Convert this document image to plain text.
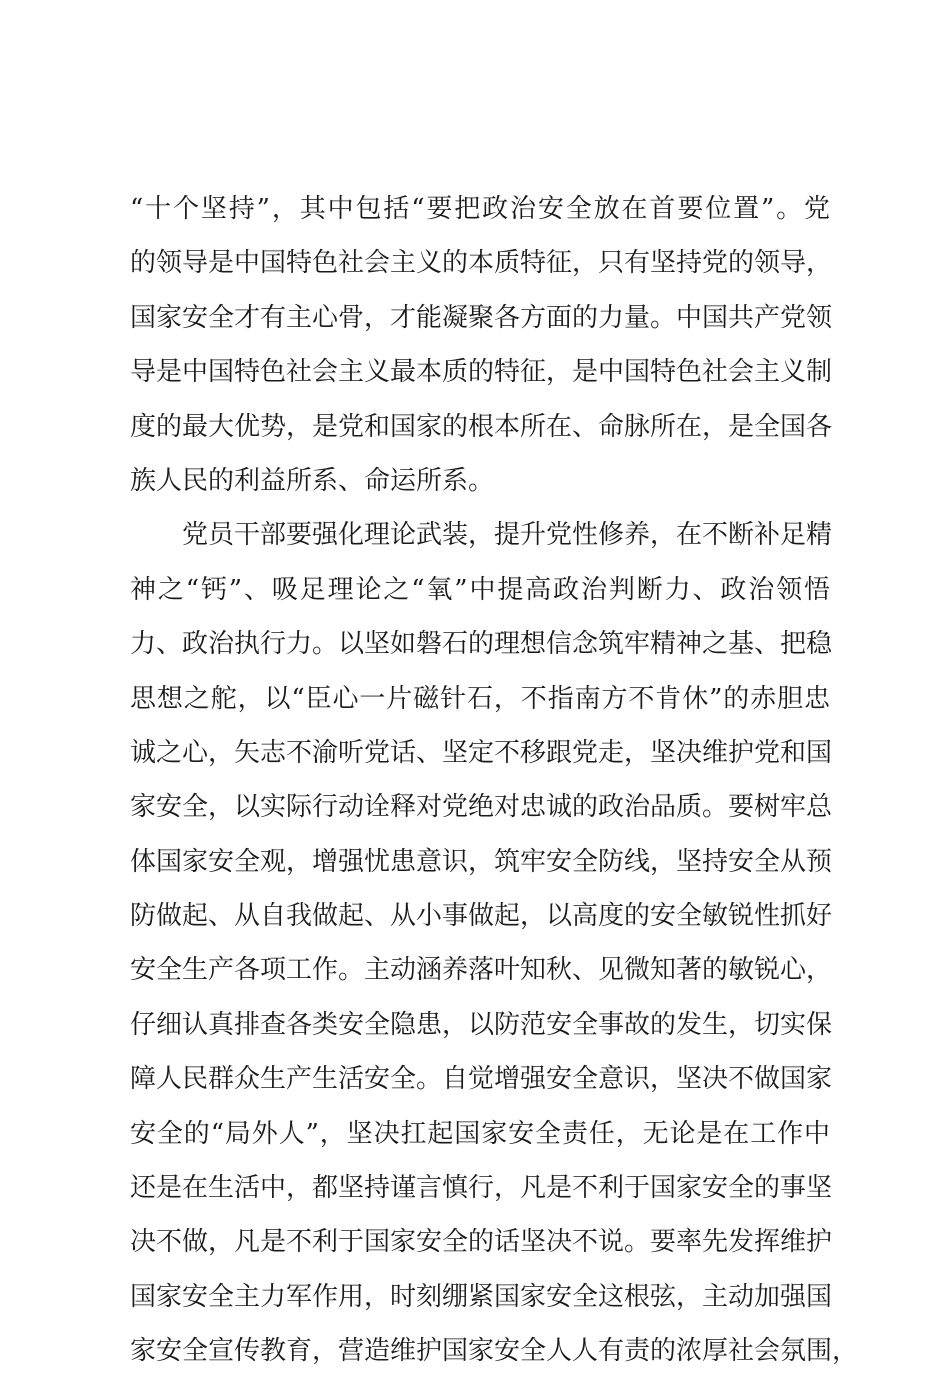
“十个坚持”，其中包括“要把政治安全放在首要位置”。党
的领导是中国特色社会主义的本质特征，只有坚持党的领导，
国家安全才有主心骨，才能凝聚各方面的力量。中国共产党领
导是中国特色社会主义最本质的特征，是中国特色社会主义制
度的最大优势，是党和国家的根本所在、命脉所在，是全国各
族人民的利益所系、命运所系。
党员干部要强化理论武装，提升党性修养，在不断补足精
神之“钙”、吸足理论之“氧”中提高政治判断力、政治领悟
力、政治执行力。以坚如磐石的理想信念筑牢精神之基、把稳
思想之舵，以“臣心一片磁针石，不指南方不肯休”的赤胆忠
诚之心，矢志不渝听党话、坚定不移跟党走，坚决维护党和国
家安全，以实际行动诠释对党绝对忠诚的政治品质。要树牢总
体国家安全观，增强忧患意识，筑牢安全防线，坚持安全从预
防做起、从自我做起、从小事做起，以高度的安全敏锐性抓好
安全生产各项工作。主动涵养落叶知秋、见微知著的敏锐心，
仔细认真排查各类安全隐患，以防范安全事故的发生，切实保
障人民群众生产生活安全。自觉增强安全意识，坚决不做国家
安全的“局外人”，坚决扛起国家安全责任，无论是在工作中
还是在生活中，都坚持谨言慎行，凡是不利于国家安全的事坚
决不做，凡是不利于国家安全的话坚决不说。要率先发挥维护
国家安全主力军作用，时刻绷紧国家安全这根弦，主动加强国
家安全宣传教育，营造维护国家安全人人有责的浓厚社会氛围，
